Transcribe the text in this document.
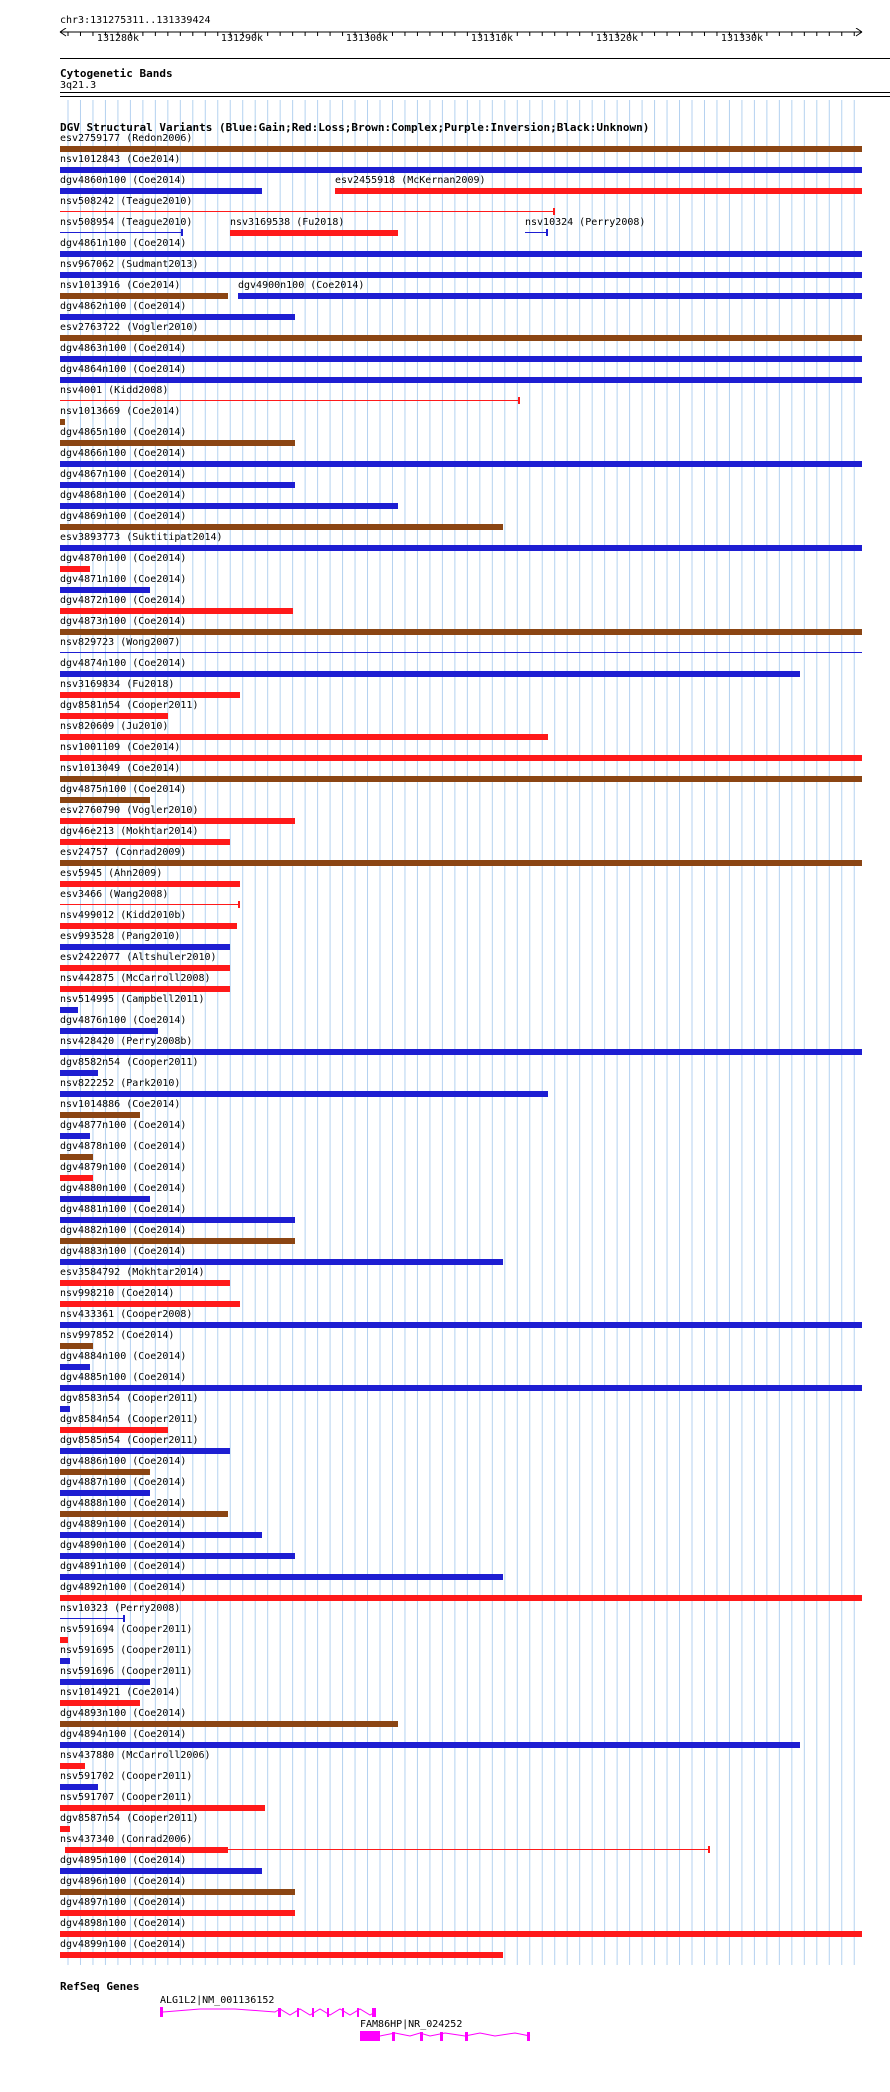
chr3:131275311..131339424
131280k	131290k	131300k	131310k	131320k	131330k
Cytogenetic Bands
3q21.3
DGV Structural Variants (Blue:Gain;Red:Loss;Brown:Complex;Purple:Inversion;Black:Unknown)
esv2759177 (Redon2006)
nsv1012843 (Coe2014)
dgv4860n100 (Coe2014)	esv2455918 (McKernan2009)
nsv508242 (Teague2010)
nsv508954 (Teague2010)	nsv3169538 (Fu2018)	nsv10324 (Perry2008)
dgv4861n100 (Coe2014)
nsv967062 (Sudmant2013)
nsv1013916 (Coe2014)	dgv4900n100 (Coe2014)
dgv4862n100 (Coe2014)
esv2763722 (Vogler2010)
dgv4863n100 (Coe2014)
dgv4864n100 (Coe2014)
nsv4001 (Kidd2008)
nsv1013669 (Coe2014)
dgv4865n100 (Coe2014)
dgv4866n100 (Coe2014)
dgv4867n100 (Coe2014)
dgv4868n100 (Coe2014)
dgv4869n100 (Coe2014)
esv3893773 (Suktitipat2014)
dgv4870n100 (Coe2014)
dgv4871n100 (Coe2014)
dgv4872n100 (Coe2014)
dgv4873n100 (Coe2014)
nsv829723 (Wong2007)
dgv4874n100 (Coe2014)
nsv3169834 (Fu2018)
dgv8581n54 (Cooper2011)
nsv820609 (Ju2010)
nsv1001109 (Coe2014)
nsv1013049 (Coe2014)
dgv4875n100 (Coe2014)
esv2760790 (Vogler2010)
dgv46e213 (Mokhtar2014)
esv24757 (Conrad2009)
esv5945 (Ahn2009)
esv3466 (Wang2008)
nsv499012 (Kidd2010b)
esv993528 (Pang2010)
esv2422077 (Altshuler2010)
nsv442875 (McCarroll2008)
nsv514995 (Campbell2011)
dgv4876n100 (Coe2014)
nsv428420 (Perry2008b)
dgv8582n54 (Cooper2011)
nsv822252 (Park2010)
nsv1014886 (Coe2014)
dgv4877n100 (Coe2014)
dgv4878n100 (Coe2014)
dgv4879n100 (Coe2014)
dgv4880n100 (Coe2014)
dgv4881n100 (Coe2014)
dgv4882n100 (Coe2014)
dgv4883n100 (Coe2014)
esv3584792 (Mokhtar2014)
nsv998210 (Coe2014)
nsv433361 (Cooper2008)
nsv997852 (Coe2014)
dgv4884n100 (Coe2014)
dgv4885n100 (Coe2014)
dgv8583n54 (Cooper2011)
dgv8584n54 (Cooper2011)
dgv8585n54 (Cooper2011)
dgv4886n100 (Coe2014)
dgv4887n100 (Coe2014)
dgv4888n100 (Coe2014)
dgv4889n100 (Coe2014)
dgv4890n100 (Coe2014)
dgv4891n100 (Coe2014)
dgv4892n100 (Coe2014)
nsv10323 (Perry2008)
nsv591694 (Cooper2011)
nsv591695 (Cooper2011)
nsv591696 (Cooper2011)
nsv1014921 (Coe2014)
dgv4893n100 (Coe2014)
dgv4894n100 (Coe2014)
nsv437880 (McCarroll2006)
nsv591702 (Cooper2011)
nsv591707 (Cooper2011)
dgv8587n54 (Cooper2011)
nsv437340 (Conrad2006)
dgv4895n100 (Coe2014)
dgv4896n100 (Coe2014)
dgv4897n100 (Coe2014)
dgv4898n100 (Coe2014)
dgv4899n100 (Coe2014)
RefSeq Genes
ALG1L2|NM_001136152
FAM86HP|NR_024252
